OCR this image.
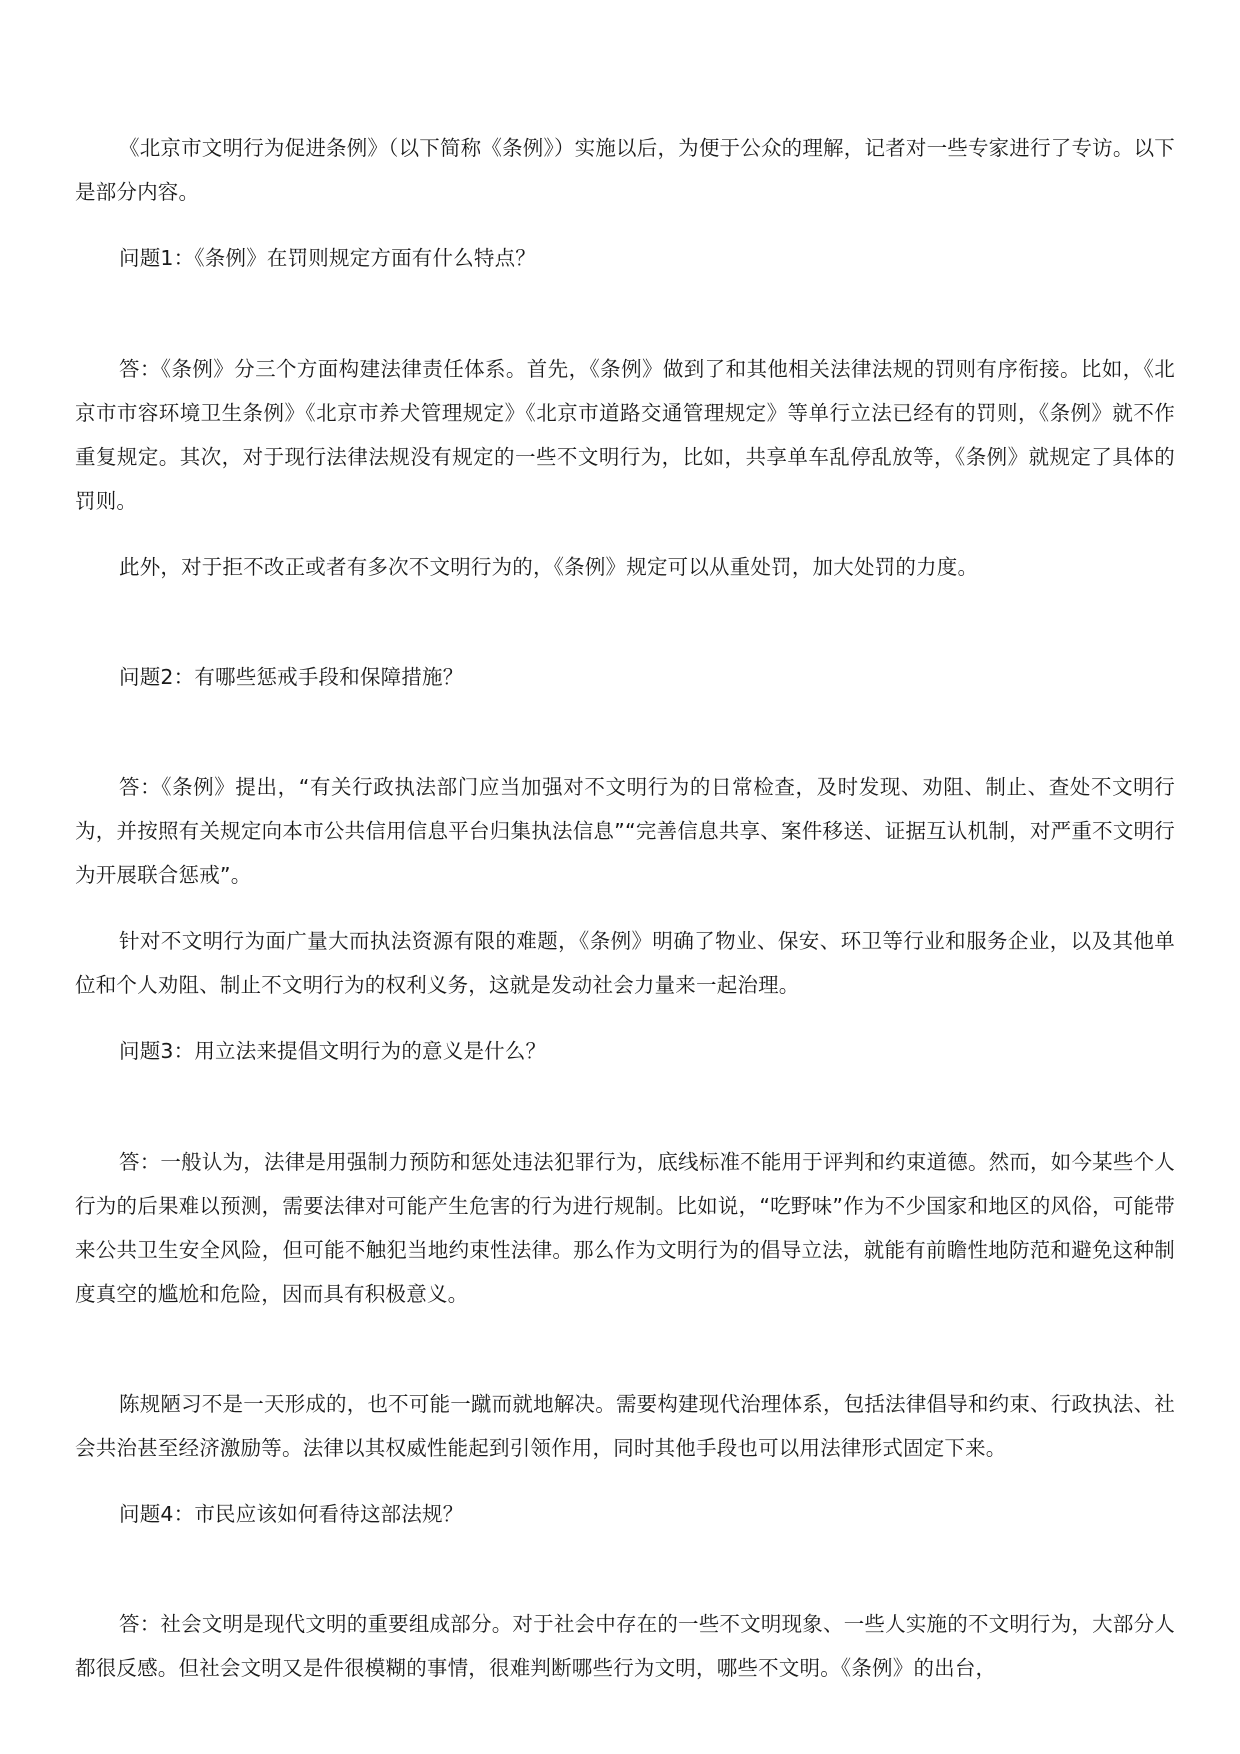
《北京市文明行为促进条例》（以下简称《条例》）实施以后，为便于公众的理解，记者对一些专家进行了专访。以下是部分内容。

问题1：《条例》在罚则规定方面有什么特点？

答：《条例》分三个方面构建法律责任体系。首先，《条例》做到了和其他相关法律法规的罚则有序衔接。比如，《北京市市容环境卫生条例》《北京市养犬管理规定》《北京市道路交通管理规定》等单行立法已经有的罚则，《条例》就不作重复规定。其次，对于现行法律法规没有规定的一些不文明行为，比如，共享单车乱停乱放等，《条例》就规定了具体的罚则。

此外，对于拒不改正或者有多次不文明行为的，《条例》规定可以从重处罚，加大处罚的力度。

问题2：有哪些惩戒手段和保障措施？

答：《条例》提出，“有关行政执法部门应当加强对不文明行为的日常检查，及时发现、劝阻、制止、查处不文明行为，并按照有关规定向本市公共信用信息平台归集执法信息”“完善信息共享、案件移送、证据互认机制，对严重不文明行为开展联合惩戒”。

针对不文明行为面广量大而执法资源有限的难题，《条例》明确了物业、保安、环卫等行业和服务企业，以及其他单位和个人劝阻、制止不文明行为的权利义务，这就是发动社会力量来一起治理。

问题3：用立法来提倡文明行为的意义是什么？

答：一般认为，法律是用强制力预防和惩处违法犯罪行为，底线标准不能用于评判和约束道德。然而，如今某些个人行为的后果难以预测，需要法律对可能产生危害的行为进行规制。比如说，“吃野味”作为不少国家和地区的风俗，可能带来公共卫生安全风险，但可能不触犯当地约束性法律。那么作为文明行为的倡导立法，就能有前瞻性地防范和避免这种制度真空的尴尬和危险，因而具有积极意义。

陈规陋习不是一天形成的，也不可能一蹴而就地解决。需要构建现代治理体系，包括法律倡导和约束、行政执法、社会共治甚至经济激励等。法律以其权威性能起到引领作用，同时其他手段也可以用法律形式固定下来。

问题4：市民应该如何看待这部法规？

答：社会文明是现代文明的重要组成部分。对于社会中存在的一些不文明现象、一些人实施的不文明行为，大部分人都很反感。但社会文明又是件很模糊的事情，很难判断哪些行为文明，哪些不文明。《条例》的出台，
